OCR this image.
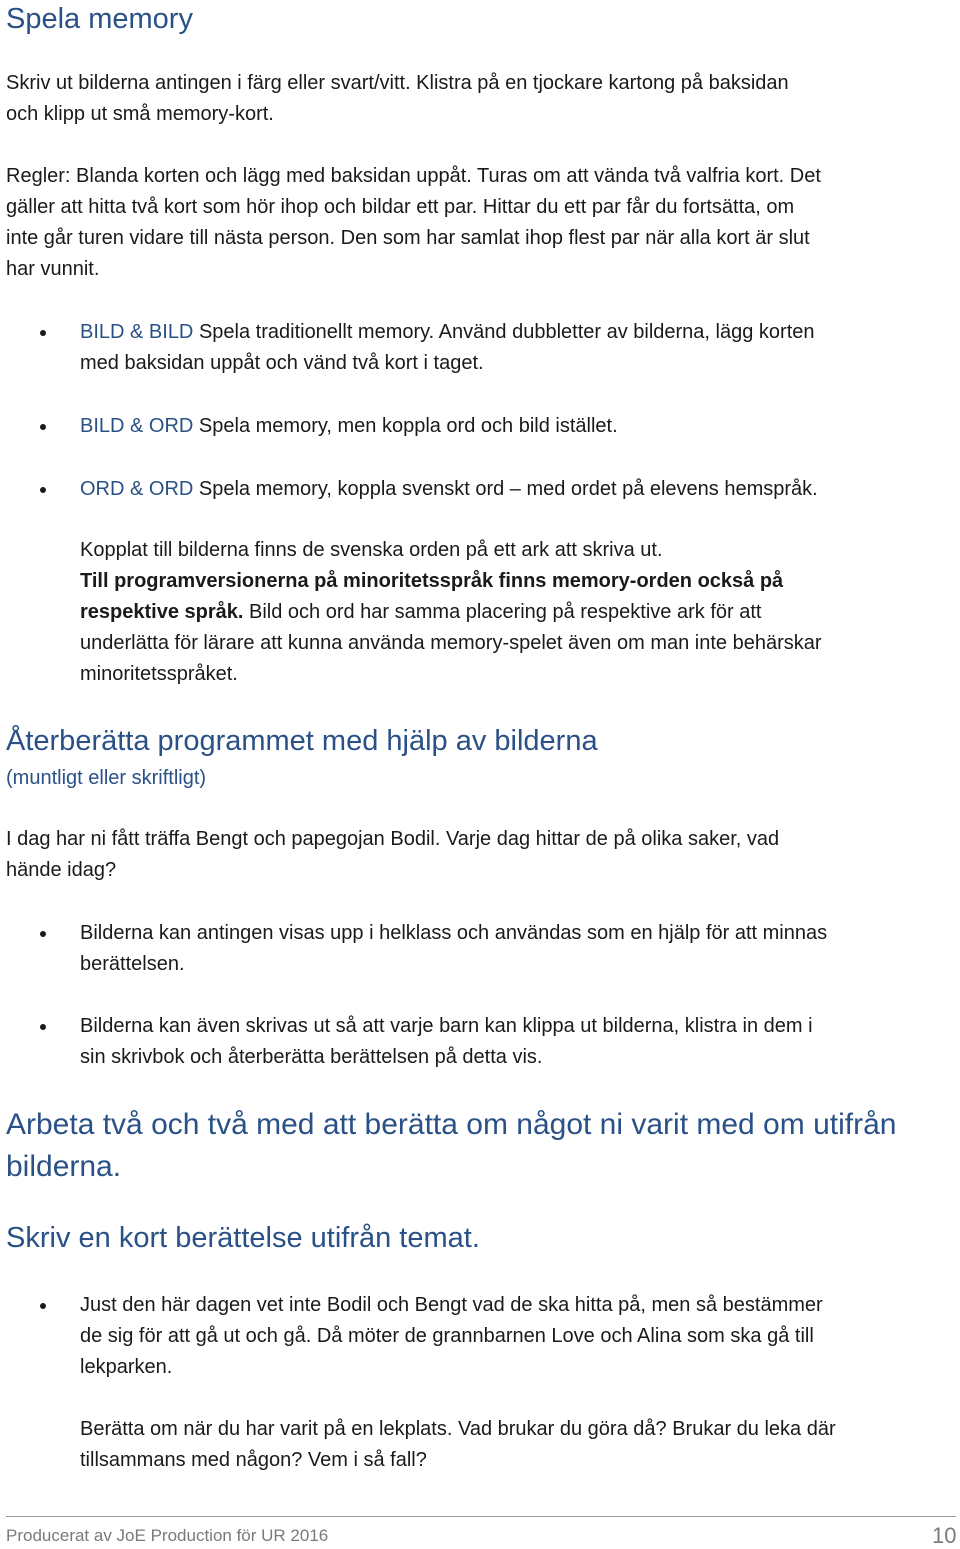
Spela memory

Skriv ut bilderna antingen i färg eller svart/vitt. Klistra på en tjockare kartong på baksidan

och klipp ut små memory-kort.

Regler: Blanda korten och lägg med baksidan uppåt. Turas om att vända två valfria kort. Det

gäller att hitta två kort som hör ihop och bildar ett par. Hittar du ett par får du fortsätta, om

inte går turen vidare till nästa person. Den som har samlat ihop flest par när alla kort är slut

har vunnit.

BILD & BILD Spela traditionellt memory. Använd dubbletter av bilderna, lägg korten

med baksidan uppåt och vänd två kort i taget.

BILD & ORD Spela memory, men koppla ord och bild istället.

ORD & ORD Spela memory, koppla svenskt ord – med ordet på elevens hemspråk.

Kopplat till bilderna finns de svenska orden på ett ark att skriva ut.

Till programversionerna på minoritetsspråk finns memory-orden också på

respektive språk. Bild och ord har samma placering på respektive ark för att

underlätta för lärare att kunna använda memory-spelet även om man inte behärskar

minoritetsspråket.

Återberätta programmet med hjälp av bilderna

(muntligt eller skriftligt)

I dag har ni fått träffa Bengt och papegojan Bodil. Varje dag hittar de på olika saker, vad

hände idag?

Bilderna kan antingen visas upp i helklass och användas som en hjälp för att minnas

berättelsen.

Bilderna kan även skrivas ut så att varje barn kan klippa ut bilderna, klistra in dem i

sin skrivbok och återberätta berättelsen på detta vis.

Arbeta två och två med att berätta om något ni varit med om utifrån
bilderna.
Skriv en kort berättelse utifrån temat.

Just den här dagen vet inte Bodil och Bengt vad de ska hitta på, men så bestämmer

de sig för att gå ut och gå. Då möter de grannbarnen Love och Alina som ska gå till

lekparken.

Berätta om när du har varit på en lekplats. Vad brukar du göra då? Brukar du leka där

tillsammans med någon? Vem i så fall?

Producerat av JoE Production för UR 2016	10
